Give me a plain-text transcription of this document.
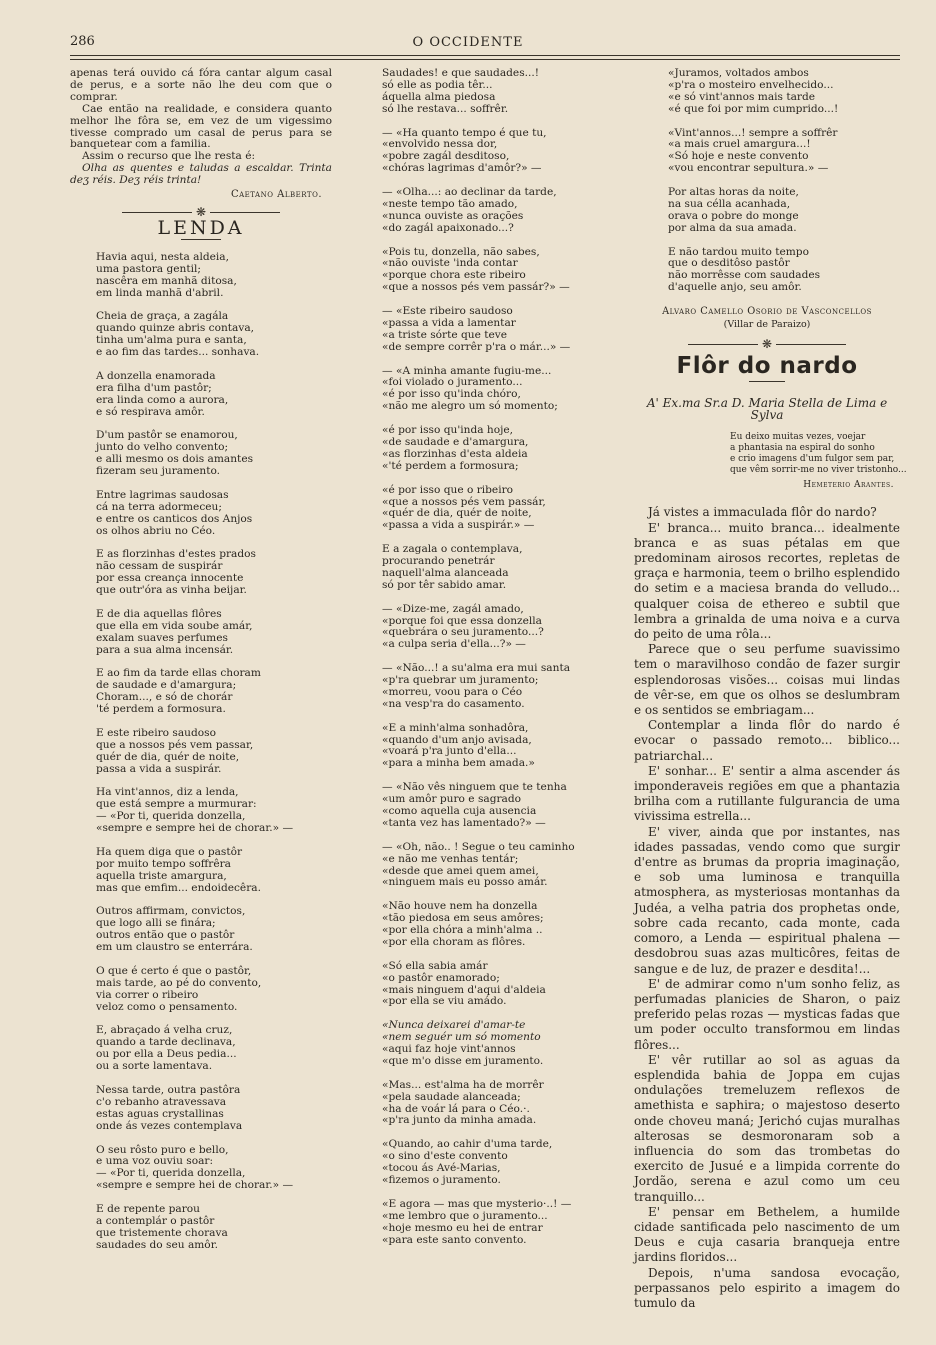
286	O OCCIDENTE

apenas terá ouvido cá fóra cantar algum casal de perus, e a sorte não lhe deu com que o comprar.

Cae então na realidade, e considera quanto melhor lhe fôra se, em vez de um vigessimo tivesse comprado um casal de perus para se banquetear com a familia.

Assim o recurso que lhe resta é:

Olha as quentes e taludas a escaldar. Trinta deʒ réis. Deʒ réis trinta!

Caetano Alberto.
❋
LENDA
Havia aqui, nesta aldeia,
uma pastora gentil;
nascêra em manhã ditosa,
em linda manhã d'abril.
Cheia de graça, a zagála
quando quinze abris contava,
tinha um'alma pura e santa,
e ao fim das tardes... sonhava.
A donzella enamorada
era filha d'um pastôr;
era linda como a aurora,
e só respirava amôr.
D'um pastôr se enamorou,
junto do velho convento;
e alli mesmo os dois amantes
fizeram seu juramento.
Entre lagrimas saudosas
cá na terra adormeceu;
e entre os canticos dos Anjos
os olhos abriu no Céo.
E as florzinhas d'estes prados
não cessam de suspirár
por essa creança innocente
que outr'óra as vinha beijar.
E de dia aquellas flôres
que ella em vida soube amár,
exalam suaves perfumes
para a sua alma incensár.
E ao fim da tarde ellas choram
de saudade e d'amargura;
Choram..., e só de chorár
'té perdem a formosura.
E este ribeiro saudoso
que a nossos pés vem passar,
quér de dia, quér de noite,
passa a vida a suspirár.
Ha vint'annos, diz a lenda,
que está sempre a murmurar:
— «Por ti, querida donzella,
«sempre e sempre hei de chorar.» —
Ha quem diga que o pastôr
por muito tempo soffrêra
aquella triste amargura,
mas que emfim... endoidecêra.
Outros affirmam, convictos,
que logo alli se finára;
outros então que o pastôr
em um claustro se enterrára.
O que é certo é que o pastôr,
mais tarde, ao pé do convento,
via correr o ribeiro
veloz como o pensamento.
E, abraçado á velha cruz,
quando a tarde declinava,
ou por ella a Deus pedia...
ou a sorte lamentava.
Nessa tarde, outra pastôra
c'o rebanho atravessava
estas aguas crystallinas
onde ás vezes contemplava
O seu rôsto puro e bello,
e uma voz ouviu soar:
— «Por ti, querida donzella,
«sempre e sempre hei de chorar.» —
E de repente parou
a contemplár o pastôr
que tristemente chorava
saudades do seu amôr.
Saudades! e que saudades...!
só elle as podia têr...
áquella alma piedosa
só lhe restava... soffrêr.
— «Ha quanto tempo é que tu,
«envolvido nessa dor,
«pobre zagál desditoso,
«chóras lagrimas d'amôr?» —
— «Olha...: ao declinar da tarde,
«neste tempo tão amado,
«nunca ouviste as orações
«do zagál apaixonado...?
«Pois tu, donzella, não sabes,
«não ouviste 'inda contar
«porque chora este ribeiro
«que a nossos pés vem passár?» —
— «Este ribeiro saudoso
«passa a vida a lamentar
«a triste sórte que teve
«de sempre corrêr p'ra o már...» —
— «A minha amante fugiu-me...
«foi violado o juramento...
«é por isso qu'inda chóro,
«não me alegro um só momento;
«é por isso qu'inda hoje,
«de saudade e d'amargura,
«as florzinhas d'esta aldeia
«'té perdem a formosura;
«é por isso que o ribeiro
«que a nossos pés vem passár,
«quér de dia, quér de noite,
«passa a vida a suspirár.» —
E a zagala o contemplava,
procurando penetrár
naquell'alma alanceada
só por têr sabido amar.
— «Dize-me, zagál amado,
«porque foi que essa donzella
«quebrára o seu juramento...?
«a culpa seria d'ella...?» —
— «Não...! a su'alma era mui santa
«p'ra quebrar um juramento;
«morreu, voou para o Céo
«na vesp'ra do casamento.
«E a minh'alma sonhadôra,
«quando d'um anjo avisada,
«voará p'ra junto d'ella...
«para a minha bem amada.»
— «Não vês ninguem que te tenha
«um amôr puro e sagrado
«como aquella cuja ausencia
«tanta vez has lamentado?» —
— «Oh, não.. ! Segue o teu caminho
«e não me venhas tentár;
«desde que amei quem amei,
«ninguem mais eu posso amár.
«Não houve nem ha donzella
«tão piedosa em seus amôres;
«por ella chóra a minh'alma ..
«por ella choram as flôres.
«Só ella sabia amár
«o pastôr enamorado;
«mais ninguem d'aqui d'aldeia
«por ella se viu amádo.
«Nunca deixarei d'amar-te
«nem seguér um só momento
«aqui faz hoje vint'annos
«que m'o disse em juramento.
«Mas... est'alma ha de morrêr
«pela saudade alanceada;
«ha de voár lá para o Céo.·.
«p'ra junto da minha amada.
«Quando, ao cahir d'uma tarde,
«o sino d'este convento
«tocou ás Avé-Marias,
«fizemos o juramento.
«E agora — mas que mysterio·..! —
«me lembro que o juramento...
«hoje mesmo eu hei de entrar
«para este santo convento.
«Juramos, voltados ambos
«p'ra o mosteiro envelhecido...
«e só vint'annos mais tarde
«é que foi por mim cumprido...!
«Vint'annos...! sempre a soffrêr
«a mais cruel amargura...!
«Só hoje e neste convento
«vou encontrar sepultura.» —
Por altas horas da noite,
na sua célla acanhada,
orava o pobre do monge
por alma da sua amada.
E não tardou muito tempo
que o desditôso pastôr
não morrêsse com saudades
d'aquelle anjo, seu amôr.
Alvaro Camello Osorio de Vasconcellos
(Villar de Paraizo)
❋
Flôr do nardo
A' Ex.ma Sr.a D. Maria Stella de Lima e Sylva
Eu deixo muitas vezes, voejar
a phantasia na espiral do sonho
e crio imagens d'um fulgor sem par,
que vêm sorrir-me no viver tristonho...
Hemeterio Arantes.

Já vistes a immaculada flôr do nardo?

E' branca... muito branca... idealmente branca e as suas pétalas em que predominam airosos recortes, repletas de graça e harmonia, teem o brilho esplendido do setim e a maciesa branda do velludo... qualquer coisa de ethereo e subtil que lembra a grinalda de uma noiva e a curva do peito de uma rôla...

Parece que o seu perfume suavissimo tem o maravilhoso condão de fazer surgir esplendorosas visões... coisas mui lindas de vêr-se, em que os olhos se deslumbram e os sentidos se embriagam...

Contemplar a linda flôr do nardo é evocar o passado remoto... biblico... patriarchal...

E' sonhar... E' sentir a alma ascender ás imponderaveis regiões em que a phantazia brilha com a rutillante fulgurancia de uma vivissima estrella...

E' viver, ainda que por instantes, nas idades passadas, vendo como que surgir d'entre as brumas da propria imaginação, e sob uma luminosa e tranquilla atmosphera, as mysteriosas montanhas da Judéa, a velha patria dos prophetas onde, sobre cada recanto, cada monte, cada comoro, a Lenda — espiritual phalena — desdobrou suas azas multicôres, feitas de sangue e de luz, de prazer e desdita!...

E' de admirar como n'um sonho feliz, as perfumadas planicies de Sharon, o paiz preferido pelas rozas — mysticas fadas que um poder occulto transformou em lindas flôres...

E' vêr rutillar ao sol as aguas da esplendida bahia de Joppa em cujas ondulações tremeluzem reflexos de amethista e saphira; o majestoso deserto onde choveu maná; Jerichó cujas muralhas alterosas se desmoronaram sob a influencia do som das trombetas do exercito de Jusué e a limpida corrente do Jordão, serena e azul como um ceu tranquillo...

E' pensar em Bethelem, a humilde cidade santificada pelo nascimento de um Deus e cuja casaria branqueja entre jardins floridos...

Depois, n'uma sandosa evocação, perpassanos pelo espirito a imagem do tumulo da
